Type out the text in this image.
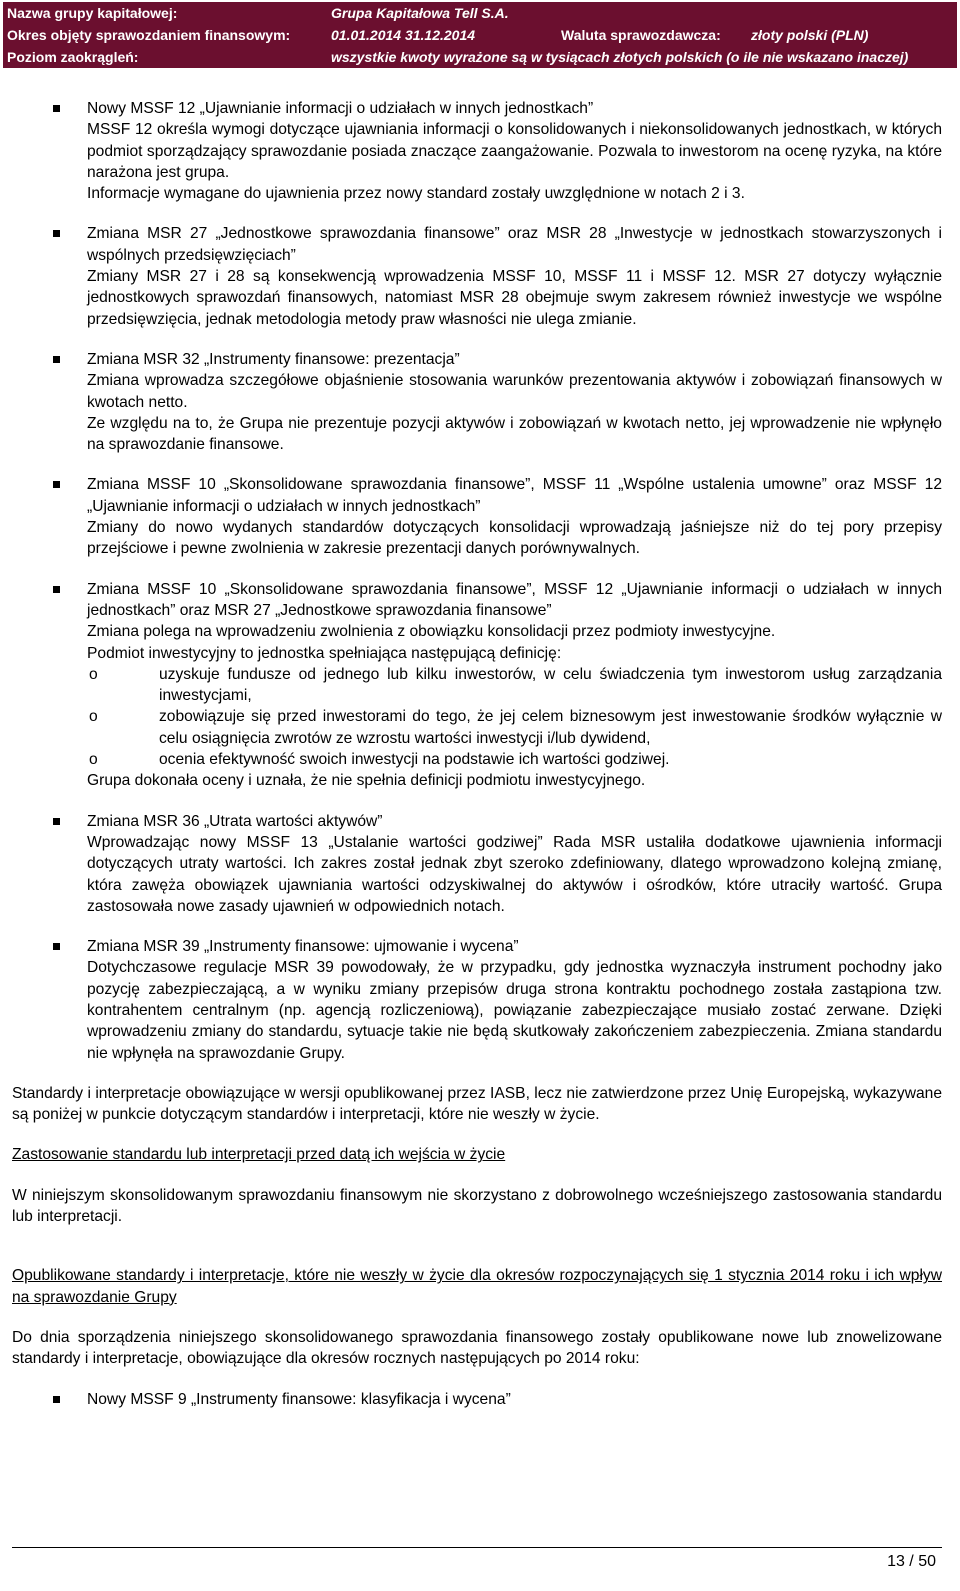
Nazwa grupy kapitałowej:	Grupa Kapitałowa Tell S.A.
Okres objęty sprawozdaniem finansowym:	01.01.2014 31.12.2014	Waluta sprawozdawcza: złoty polski (PLN)
Poziom zaokrągleń:	wszystkie kwoty wyrażone są w tysiącach złotych polskich (o ile nie wskazano inaczej)

Nowy MSSF 12 „Ujawnianie informacji o udziałach w innych jednostkach”

MSSF 12 określa wymogi dotyczące ujawniania informacji o konsolidowanych i niekonsolidowanych jednostkach, w których podmiot sporządzający sprawozdanie posiada znaczące zaangażowanie. Pozwala to inwestorom na ocenę ryzyka, na które narażona jest grupa.

Informacje wymagane do ujawnienia przez nowy standard zostały uwzględnione w notach 2 i 3.

Zmiana MSR 27 „Jednostkowe sprawozdania finansowe” oraz MSR 28 „Inwestycje w jednostkach stowarzyszonych i wspólnych przedsięwzięciach”

Zmiany MSR 27 i 28 są konsekwencją wprowadzenia MSSF 10, MSSF 11 i MSSF 12. MSR 27 dotyczy wyłącznie jednostkowych sprawozdań finansowych, natomiast MSR 28 obejmuje swym zakresem również inwestycje we wspólne przedsięwzięcia, jednak metodologia metody praw własności nie ulega zmianie.

Zmiana MSR 32 „Instrumenty finansowe: prezentacja”

Zmiana wprowadza szczegółowe objaśnienie stosowania warunków prezentowania aktywów i zobowiązań finansowych w kwotach netto.

Ze względu na to, że Grupa nie prezentuje pozycji aktywów i zobowiązań w kwotach netto, jej wprowadzenie nie wpłynęło na sprawozdanie finansowe.

Zmiana MSSF 10 „Skonsolidowane sprawozdania finansowe”, MSSF 11 „Wspólne ustalenia umowne” oraz MSSF 12 „Ujawnianie informacji o udziałach w innych jednostkach”

Zmiany do nowo wydanych standardów dotyczących konsolidacji wprowadzają jaśniejsze niż do tej pory przepisy przejściowe i pewne zwolnienia w zakresie prezentacji danych porównywalnych.

Zmiana MSSF 10 „Skonsolidowane sprawozdania finansowe”, MSSF 12 „Ujawnianie informacji o udziałach w innych jednostkach” oraz MSR 27 „Jednostkowe sprawozdania finansowe”

Zmiana polega na wprowadzeniu zwolnienia z obowiązku konsolidacji przez podmioty inwestycyjne.

Podmiot inwestycyjny to jednostka spełniająca następującą definicję:

o	uzyskuje fundusze od jednego lub kilku inwestorów, w celu świadczenia tym inwestorom usług zarządzania inwestycjami,
o	zobowiązuje się przed inwestorami do tego, że jej celem biznesowym jest inwestowanie środków wyłącznie w celu osiągnięcia zwrotów ze wzrostu wartości inwestycji i/lub dywidend,
o	ocenia efektywność swoich inwestycji na podstawie ich wartości godziwej.

Grupa dokonała oceny i uznała, że nie spełnia definicji podmiotu inwestycyjnego.

Zmiana MSR 36 „Utrata wartości aktywów”

Wprowadzając nowy MSSF 13 „Ustalanie wartości godziwej” Rada MSR ustaliła dodatkowe ujawnienia informacji dotyczących utraty wartości. Ich zakres został jednak zbyt szeroko zdefiniowany, dlatego wprowadzono kolejną zmianę, która zawęża obowiązek ujawniania wartości odzyskiwalnej do aktywów i ośrodków, które utraciły wartość. Grupa zastosowała nowe zasady ujawnień w odpowiednich notach.

Zmiana MSR 39 „Instrumenty finansowe: ujmowanie i wycena”

Dotychczasowe regulacje MSR 39 powodowały, że w przypadku, gdy jednostka wyznaczyła instrument pochodny jako pozycję zabezpieczającą, a w wyniku zmiany przepisów druga strona kontraktu pochodnego została zastąpiona tzw. kontrahentem centralnym (np. agencją rozliczeniową), powiązanie zabezpieczające musiało zostać zerwane. Dzięki wprowadzeniu zmiany do standardu, sytuacje takie nie będą skutkowały zakończeniem zabezpieczenia. Zmiana standardu nie wpłynęła na sprawozdanie Grupy.

Standardy i interpretacje obowiązujące w wersji opublikowanej przez IASB, lecz nie zatwierdzone przez Unię Europejską, wykazywane są poniżej w punkcie dotyczącym standardów i interpretacji, które nie weszły w życie.

Zastosowanie standardu lub interpretacji przed datą ich wejścia w życie

W niniejszym skonsolidowanym sprawozdaniu finansowym nie skorzystano z dobrowolnego wcześniejszego zastosowania standardu lub interpretacji.

Opublikowane standardy i interpretacje, które nie weszły w życie dla okresów rozpoczynających się 1 stycznia 2014 roku i ich wpływ na sprawozdanie Grupy

Do dnia sporządzenia niniejszego skonsolidowanego sprawozdania finansowego zostały opublikowane nowe lub znowelizowane standardy i interpretacje, obowiązujące dla okresów rocznych następujących po 2014 roku:

Nowy MSSF 9 „Instrumenty finansowe: klasyfikacja i wycena”

13 / 50
